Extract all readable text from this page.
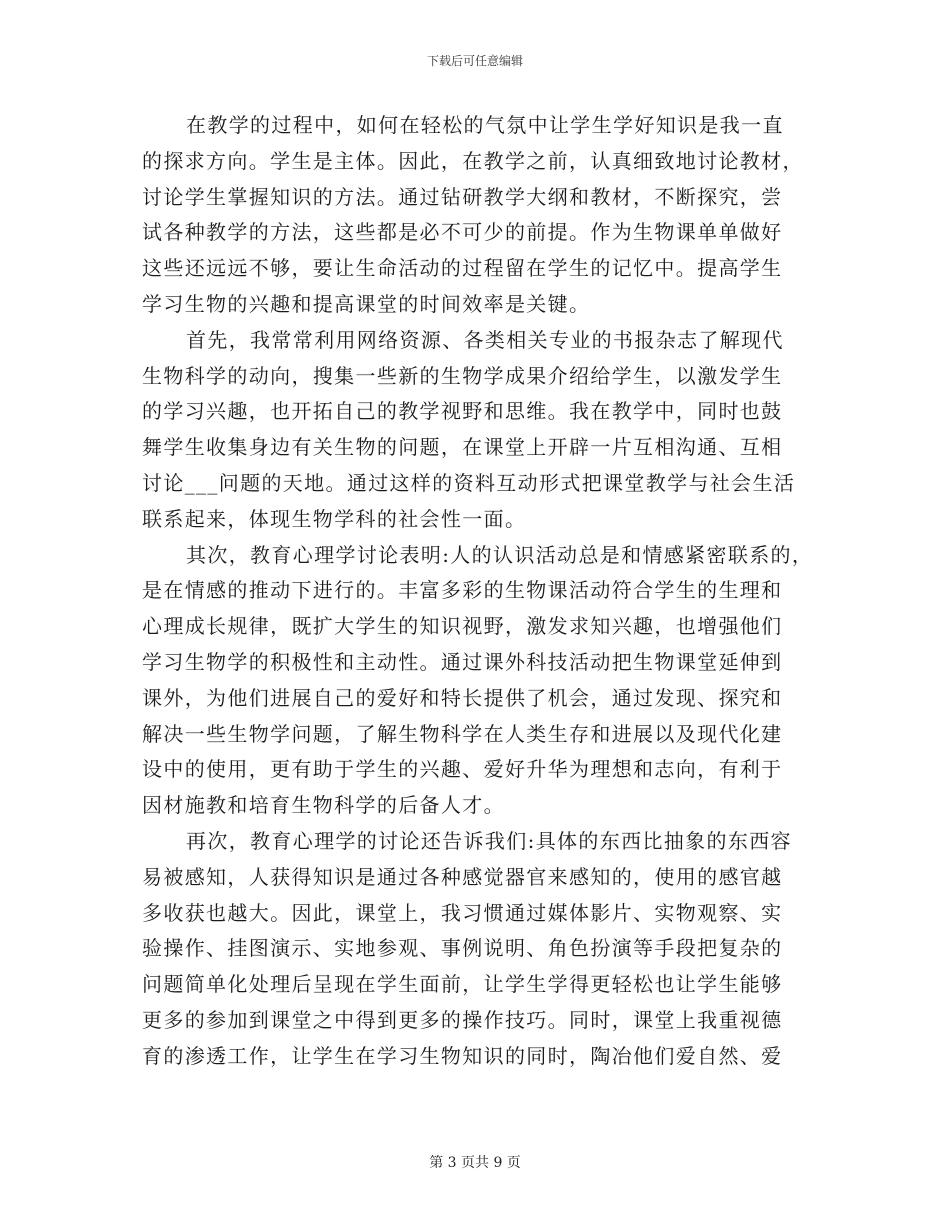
下载后可任意编辑
在教学的过程中，如何在轻松的气氛中让学生学好知识是我一直
的探求方向。学生是主体。因此，在教学之前，认真细致地讨论教材，
讨论学生掌握知识的方法。通过钻研教学大纲和教材，不断探究，尝
试各种教学的方法，这些都是必不可少的前提。作为生物课单单做好
这些还远远不够，要让生命活动的过程留在学生的记忆中。提高学生
学习生物的兴趣和提高课堂的时间效率是关键。
首先，我常常利用网络资源、各类相关专业的书报杂志了解现代
生物科学的动向，搜集一些新的生物学成果介绍给学生，以激发学生
的学习兴趣，也开拓自己的教学视野和思维。我在教学中，同时也鼓
舞学生收集身边有关生物的问题，在课堂上开辟一片互相沟通、互相
讨论___问题的天地。通过这样的资料互动形式把课堂教学与社会生活
联系起来，体现生物学科的社会性一面。
其次，教育心理学讨论表明:人的认识活动总是和情感紧密联系的，
是在情感的推动下进行的。丰富多彩的生物课活动符合学生的生理和
心理成长规律，既扩大学生的知识视野，激发求知兴趣，也增强他们
学习生物学的积极性和主动性。通过课外科技活动把生物课堂延伸到
课外，为他们进展自己的爱好和特长提供了机会，通过发现、探究和
解决一些生物学问题，了解生物科学在人类生存和进展以及现代化建
设中的使用，更有助于学生的兴趣、爱好升华为理想和志向，有利于
因材施教和培育生物科学的后备人才。
再次，教育心理学的讨论还告诉我们:具体的东西比抽象的东西容
易被感知，人获得知识是通过各种感觉器官来感知的，使用的感官越
多收获也越大。因此，课堂上，我习惯通过媒体影片、实物观察、实
验操作、挂图演示、实地参观、事例说明、角色扮演等手段把复杂的
问题简单化处理后呈现在学生面前，让学生学得更轻松也让学生能够
更多的参加到课堂之中得到更多的操作技巧。同时，课堂上我重视德
育的渗透工作，让学生在学习生物知识的同时，陶冶他们爱自然、爱
第 3 页共 9 页
